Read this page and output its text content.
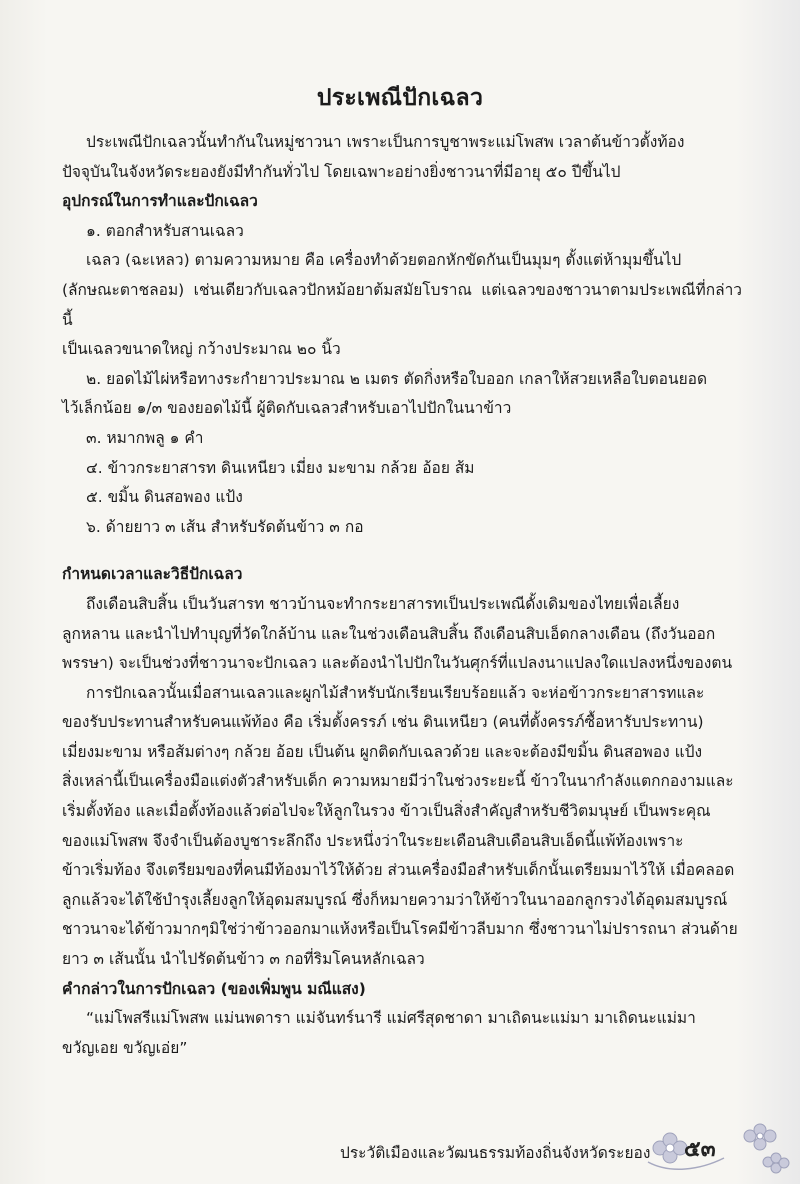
ประเพณีปักเฉลว

ประเพณีปักเฉลวนั้นทำกันในหมู่ชาวนา เพราะเป็นการบูชาพระแม่โพสพ เวลาต้นข้าวตั้งท้อง

ปัจจุบันในจังหวัดระยองยังมีทำกันทั่วไป โดยเฉพาะอย่างยิ่งชาวนาที่มีอายุ ๕๐ ปีขึ้นไป

อุปกรณ์ในการทำและปักเฉลว

๑. ตอกสำหรับสานเฉลว

เฉลว (ฉะเหลว) ตามความหมาย คือ เครื่องทำด้วยตอกหักขัดกันเป็นมุมๆ ตั้งแต่ห้ามุมขึ้นไป

(ลักษณะตาชลอม) เช่นเดียวกับเฉลวปักหม้อยาต้มสมัยโบราณ แต่เฉลวของชาวนาตามประเพณีที่กล่าวนี้

เป็นเฉลวขนาดใหญ่ กว้างประมาณ ๒๐ นิ้ว

๒. ยอดไม้ไผ่หรือทางระกำยาวประมาณ ๒ เมตร ตัดกิ่งหรือใบออก เกลาให้สวยเหลือใบตอนยอด

ไว้เล็กน้อย ๑/๓ ของยอดไม้นี้ ผู้ติดกับเฉลวสำหรับเอาไปปักในนาข้าว

๓. หมากพลู ๑ คำ

๔. ข้าวกระยาสารท ดินเหนียว เมี่ยง มะขาม กล้วย อ้อย ส้ม

๕. ขมิ้น ดินสอพอง แป้ง

๖. ด้ายยาว ๓ เส้น สำหรับรัดต้นข้าว ๓ กอ

กำหนดเวลาและวิธีปักเฉลว

ถึงเดือนสิบสิ้น เป็นวันสารท ชาวบ้านจะทำกระยาสารทเป็นประเพณีดั้งเดิมของไทยเพื่อเลี้ยง

ลูกหลาน และนำไปทำบุญที่วัดใกล้บ้าน และในช่วงเดือนสิบสิ้น ถึงเดือนสิบเอ็ดกลางเดือน (ถึงวันออก

พรรษา) จะเป็นช่วงที่ชาวนาจะปักเฉลว และต้องนำไปปักในวันศุกร์ที่แปลงนาแปลงใดแปลงหนึ่งของตน

การปักเฉลวนั้นเมื่อสานเฉลวและผูกไม้สำหรับนักเรียนเรียบร้อยแล้ว จะห่อข้าวกระยาสารทและ

ของรับประทานสำหรับคนแพ้ท้อง คือ เริ่มตั้งครรภ์ เช่น ดินเหนียว (คนที่ตั้งครรภ์ซื้อหารับประทาน)

เมี่ยงมะขาม หรือส้มต่างๆ กล้วย อ้อย เป็นต้น ผูกติดกับเฉลวด้วย และจะต้องมีขมิ้น ดินสอพอง แป้ง

สิ่งเหล่านี้เป็นเครื่องมือแต่งตัวสำหรับเด็ก ความหมายมีว่าในช่วงระยะนี้ ข้าวในนากำลังแตกกองามและ

เริ่มตั้งท้อง และเมื่อตั้งท้องแล้วต่อไปจะให้ลูกในรวง ข้าวเป็นสิ่งสำคัญสำหรับชีวิตมนุษย์ เป็นพระคุณ

ของแม่โพสพ จึงจำเป็นต้องบูชาระลึกถึง ประหนึ่งว่าในระยะเดือนสิบเดือนสิบเอ็ดนี้แพ้ท้องเพราะ

ข้าวเริ่มท้อง จึงเตรียมของที่คนมีท้องมาไว้ให้ด้วย ส่วนเครื่องมือสำหรับเด็กนั้นเตรียมมาไว้ให้ เมื่อคลอด

ลูกแล้วจะได้ใช้บำรุงเลี้ยงลูกให้อุดมสมบูรณ์ ซึ่งก็หมายความว่าให้ข้าวในนาออกลูกรวงได้อุดมสมบูรณ์

ชาวนาจะได้ข้าวมากๆมิใช่ว่าข้าวออกมาแห้งหรือเป็นโรคมีข้าวลีบมาก ซึ่งชาวนาไม่ปรารถนา ส่วนด้าย

ยาว ๓ เส้นนั้น นำไปรัดต้นข้าว ๓ กอที่ริมโคนหลักเฉลว

คำกล่าวในการปักเฉลว (ของเพิ่มพูน มณีแสง)

“แม่โพสรีแม่โพสพ แม่นพดารา แม่จันทร์นารี แม่ศรีสุดชาดา มาเถิดนะแม่มา มาเถิดนะแม่มา

ขวัญเอย ขวัญเอ่ย”

ประวัติเมืองและวัฒนธรรมท้องถิ่นจังหวัดระยอง ๕๓
